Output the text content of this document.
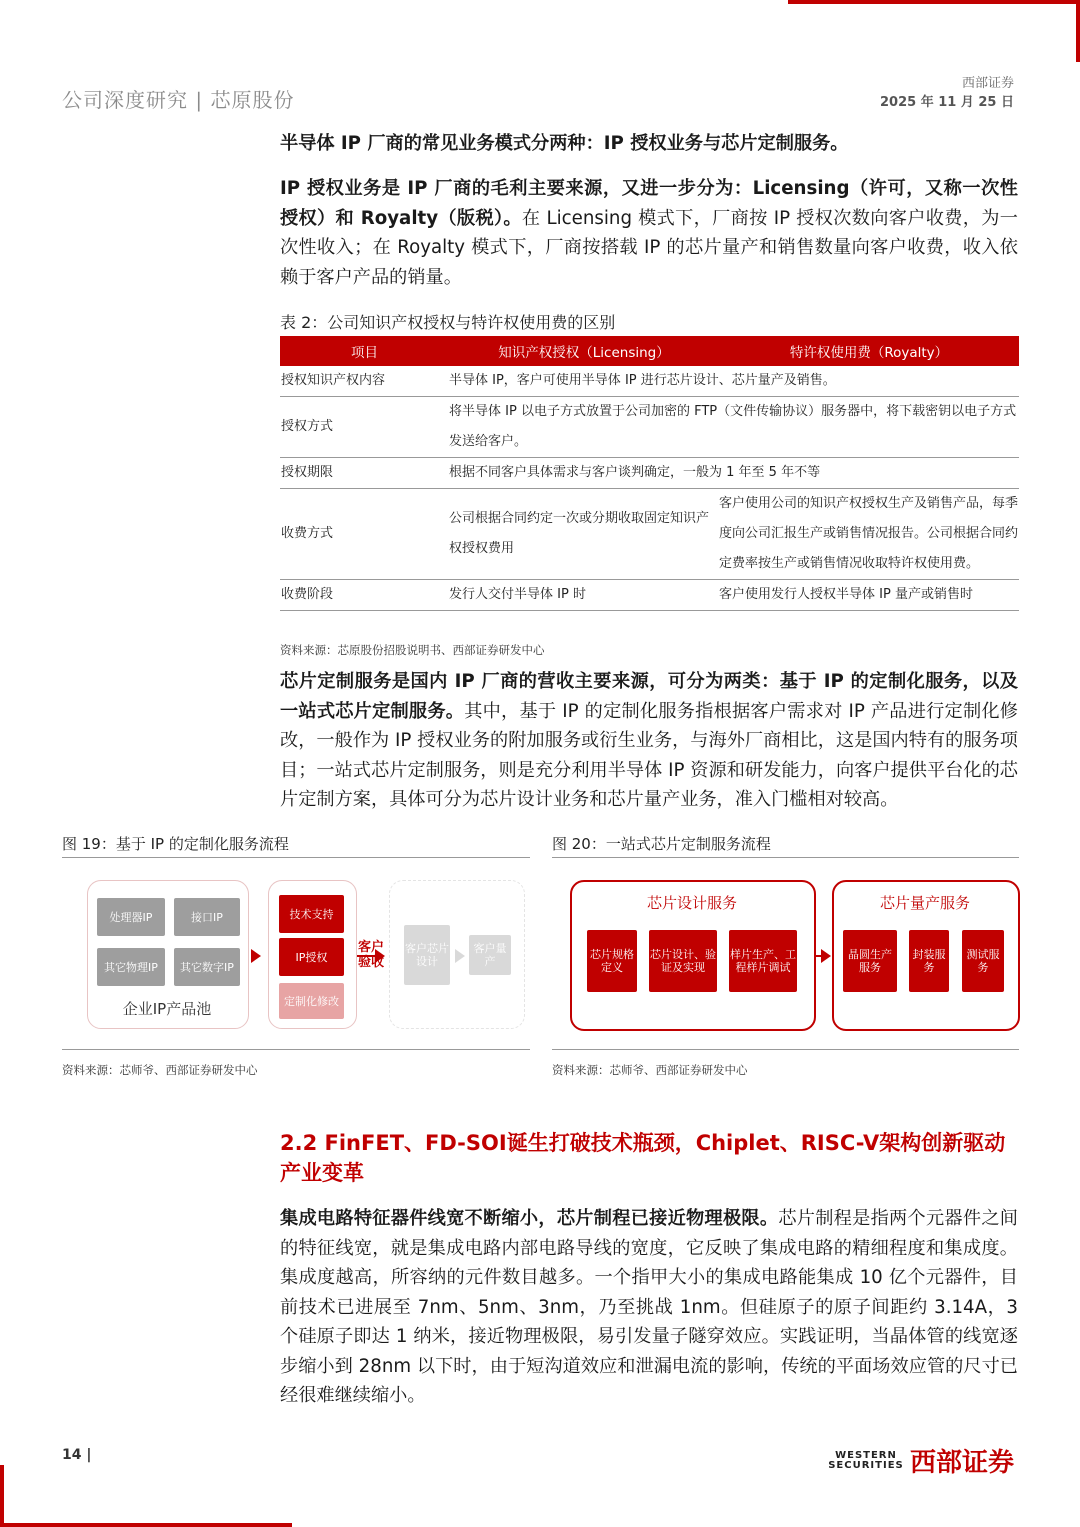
公司深度研究 | 芯原股份
西部证券
2025 年 11 月 25 日
半导体 IP 厂商的常见业务模式分两种：IP 授权业务与芯片定制服务。
IP 授权业务是 IP 厂商的毛利主要来源，又进一步分为：Licensing（许可，又称一次性授权）和 Royalty（版税）。在 Licensing 模式下，厂商按 IP 授权次数向客户收费，为一次性收入；在 Royalty 模式下，厂商按搭载 IP 的芯片量产和销售数量向客户收费，收入依赖于客户产品的销量。
表 2：公司知识产权授权与特许权使用费的区别
项目	知识产权授权（Licensing）	特许权使用费（Royalty）
授权知识产权内容	半导体 IP，客户可使用半导体 IP 进行芯片设计、芯片量产及销售。	
授权方式	将半导体 IP 以电子方式放置于公司加密的 FTP（文件传输协议）服务器中，将下载密钥以电子方式发送给客户。	
授权期限	根据不同客户具体需求与客户谈判确定，一般为 1 年至 5 年不等	
收费方式	公司根据合同约定一次或分期收取固定知识产权授权费用	客户使用公司的知识产权授权生产及销售产品，每季度向公司汇报生产或销售情况报告。公司根据合同约定费率按生产或销售情况收取特许权使用费。
收费阶段	发行人交付半导体 IP 时	客户使用发行人授权半导体 IP 量产或销售时
资料来源：芯原股份招股说明书、西部证券研发中心
芯片定制服务是国内 IP 厂商的营收主要来源，可分为两类：基于 IP 的定制化服务，以及一站式芯片定制服务。其中，基于 IP 的定制化服务指根据客户需求对 IP 产品进行定制化修改，一般作为 IP 授权业务的附加服务或衍生业务，与海外厂商相比，这是国内特有的服务项目；一站式芯片定制服务，则是充分利用半导体 IP 资源和研发能力，向客户提供平台化的芯片定制方案，具体可分为芯片设计业务和芯片量产业务，准入门槛相对较高。
图 19：基于 IP 的定制化服务流程
处理器IP	接口IP
其它物理IP	其它数字IP
企业IP产品池
技术支持
IP授权
定制化修改
客户验收
客户芯片设计
客户量产
资料来源：芯师爷、西部证券研发中心
图 20：一站式芯片定制服务流程
芯片设计服务
芯片规格定义
芯片设计、验证及实现
样片生产、工程样片调试
芯片量产服务
晶圆生产服务
封装服务
测试服务
资料来源：芯师爷、西部证券研发中心
2.2 FinFET、FD-SOI诞生打破技术瓶颈，Chiplet、RISC-V架构创新驱动产业变革
集成电路特征器件线宽不断缩小，芯片制程已接近物理极限。芯片制程是指两个元器件之间的特征线宽，就是集成电路内部电路导线的宽度，它反映了集成电路的精细程度和集成度。集成度越高，所容纳的元件数目越多。一个指甲大小的集成电路能集成 10 亿个元器件，目前技术已进展至 7nm、5nm、3nm，乃至挑战 1nm。但硅原子的原子间距约 3.14A，3 个硅原子即达 1 纳米，接近物理极限，易引发量子隧穿效应。实践证明，当晶体管的线宽逐步缩小到 28nm 以下时，由于短沟道效应和泄漏电流的影响，传统的平面场效应管的尺寸已经很难继续缩小。
14 |	WESTERN SECURITIES 西部证券
